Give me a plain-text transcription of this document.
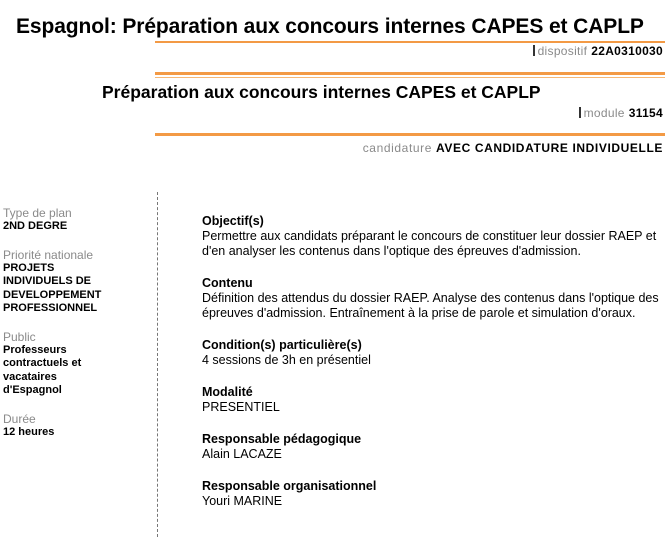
Espagnol: Préparation aux concours internes CAPES et CAPLP
dispositif 22A0310030
Préparation aux concours internes CAPES et CAPLP
module 31154
candidature AVEC CANDIDATURE INDIVIDUELLE
Type de plan
2ND DEGRE
Priorité nationale
PROJETS
INDIVIDUELS DE
DEVELOPPEMENT
PROFESSIONNEL
Public
Professeurs
contractuels et
vacataires
d'Espagnol
Durée
12 heures
Objectif(s)
Permettre aux candidats préparant le concours de constituer leur dossier RAEP et
d'en analyser les contenus dans l'optique des épreuves d'admission.
Contenu
Définition des attendus du dossier RAEP. Analyse des contenus dans l'optique des
épreuves d'admission. Entraînement à la prise de parole et simulation d'oraux.
Condition(s) particulière(s)
4 sessions de 3h en présentiel
Modalité
PRESENTIEL
Responsable pédagogique
Alain LACAZE
Responsable organisationnel
Youri MARINE
